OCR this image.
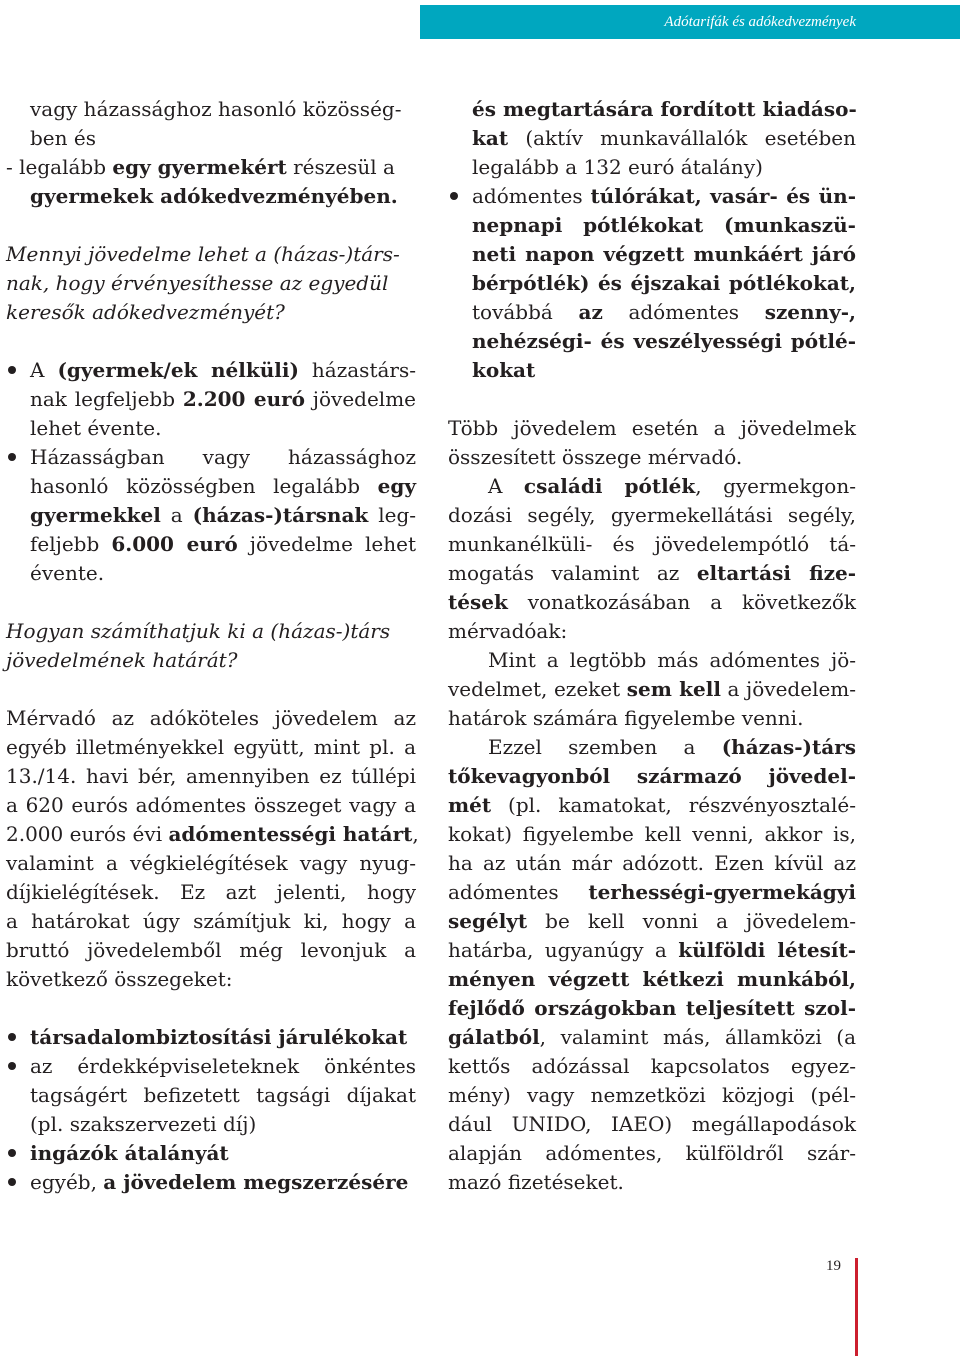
Adótarifák és adókedvezmények
vagy házassághoz hasonló közösség-
ben és
- legalább egy gyermekért részesül a
gyermekek adókedvezményében.
Mennyi jövedelme lehet a (házas-)társ-
nak, hogy érvényesíthesse az egyedül
keresők adókedvezményét?
A (gyermek/ek nélküli) házastárs-
nak legfeljebb 2.200 euró jövedelme
lehet évente.
Házasságban vagy házassághoz
hasonló közösségben legalább egy
gyermekkel a (házas-)társnak leg-
feljebb 6.000 euró jövedelme lehet
évente.
Hogyan számíthatjuk ki a (házas-)társ
jövedelmének határát?
Mérvadó az adóköteles jövedelem az
egyéb illetményekkel együtt, mint pl. a
13./14. havi bér, amennyiben ez túllépi
a 620 eurós adómentes összeget vagy a
2.000 eurós évi adómentességi határt,
valamint a végkielégítések vagy nyug-
díjkielégítések. Ez azt jelenti, hogy
a határokat úgy számítjuk ki, hogy a
bruttó jövedelemből még levonjuk a
következő összegeket:
társadalombiztosítási járulékokat
az érdekképviseleteknek önkéntes
tagságért befizetett tagsági díjakat
(pl. szakszervezeti díj)
ingázók átalányát
egyéb, a jövedelem megszerzésére
és megtartására fordított kiadáso-
kat (aktív munkavállalók esetében
legalább a 132 euró átalány)
adómentes túlórákat, vasár- és ün-
nepnapi pótlékokat (munkaszü-
neti napon végzett munkáért járó
bérpótlék) és éjszakai pótlékokat,
továbbá az adómentes szenny-,
nehézségi- és veszélyességi pótlé-
kokat
Több jövedelem esetén a jövedelmek
összesített összege mérvadó.
A családi pótlék, gyermekgon-
dozási segély, gyermekellátási segély,
munkanélküli- és jövedelempótló tá-
mogatás valamint az eltartási fize-
tések vonatkozásában a következők
mérvadóak:
Mint a legtöbb más adómentes jö-
vedelmet, ezeket sem kell a jövedelem-
határok számára figyelembe venni.
Ezzel szemben a (házas-)társ
tőkevagyonból származó jövedel-
mét (pl. kamatokat, részvényosztalé-
kokat) figyelembe kell venni, akkor is,
ha az után már adózott. Ezen kívül az
adómentes terhességi-gyermekágyi
segélyt be kell vonni a jövedelem-
határba, ugyanúgy a külföldi létesít-
ményen végzett kétkezi munkából,
fejlődő országokban teljesített szol-
gálatból, valamint más, államközi (a
kettős adózással kapcsolatos egyez-
mény) vagy nemzetközi közjogi (pél-
dául UNIDO, IAEO) megállapodások
alapján adómentes, külföldről szár-
mazó fizetéseket.
19
